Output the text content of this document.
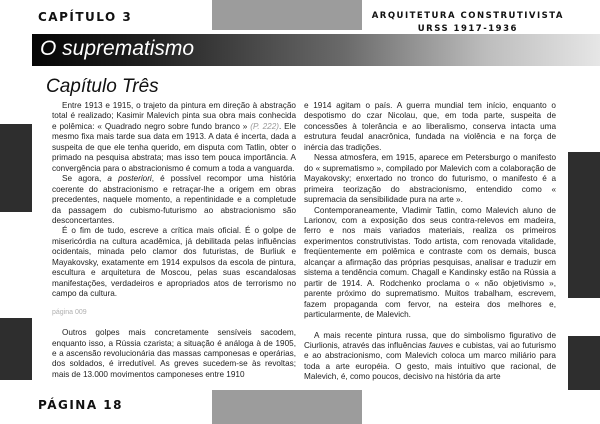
CAPÍTULO 3	ARQUITETURA CONSTRUTIVISTA
URSS 1917-1936
O suprematismo
Capítulo Três

Entre 1913 e 1915, o trajeto da pintura em direção à abstração total é realizado; Kasimir Malevich pinta sua obra mais conhecida e polêmica: « Quadrado negro sobre fundo branco » (P. 222). Ele mesmo fixa mais tarde sua data em 1913. A data é incerta, dada a suspeita de que ele tenha querido, em disputa com Tatlin, obter o primado na pesquisa abstrata; mas isso tem pouca importância. A convergência para o abstracionismo é comum a toda a vanguarda.

Se agora, a posteriori, é possível recompor uma história coerente do abstracionismo e retraçar-lhe a origem em obras precedentes, naquele momento, a repentinidade e a completude da passagem do cubismo-futurismo ao abstracionismo são desconcertantes.

É o fim de tudo, escreve a crítica mais oficial. É o golpe de misericórdia na cultura acadêmica, já debilitada pelas influências ocidentais, minada pelo clamor dos futuristas, de Burliuk e Mayakovsky, exatamente em 1914 expulsos da escola de pintura, escultura e arquitetura de Moscou, pelas suas escandalosas manifestações, verdadeiros e apropriados atos de terrorismo no campo da cultura.

página 009

Outros golpes mais concretamente sensíveis sacodem, enquanto isso, a Rússia czarista; a situação é análoga à de 1905, e a ascensão revolucionária das massas camponesas e operárias, dos soldados, é irredutível. As greves sucedem-se às revoltas; mais de 13.000 movimentos camponeses entre 1910

e 1914 agitam o país. A guerra mundial tem início, enquanto o despotismo do czar Nicolau, que, em toda parte, suspeita de concessões à tolerância e ao liberalismo, conserva intacta uma estrutura feudal anacrônica, fundada na violência e na força de inércia das tradições.

Nessa atmosfera, em 1915, aparece em Petersburgo o manifesto do « suprematismo », compilado por Malevich com a colaboração de Mayakovsky; enxertado no tronco do futurismo, o manifesto é a primeira teorização do abstracionismo, entendido como « supremacia da sensibilidade pura na arte ».

Contemporaneamente, Vladimir Tatlin, como Malevich aluno de Larionov, com a exposição dos seus contra-relevos em madeira, ferro e nos mais variados materiais, realiza os primeiros experimentos construtivistas. Todo artista, com renovada vitalidade, freqüentemente em polêmica e contraste com os demais, busca alcançar a afirmação das próprias pesquisas, analisar e traduzir em sistema a tendência comum. Chagall e Kandinsky estão na Rússia a partir de 1914. A. Rodchenko proclama o « não objetivismo », parente próximo do suprematismo. Muitos trabalham, escrevem, fazem propaganda com fervor, na esteira dos melhores e, particularmente, de Malevich.

A mais recente pintura russa, que do simbolismo figurativo de Ciurlionis, através das influências fauves e cubistas, vai ao futurismo e ao abstracionismo, com Malevich coloca um marco miliário para toda a arte européia. O gesto, mais intuitivo que racional, de Malevich, é, como poucos, decisivo na história da arte

PÁGINA 18
